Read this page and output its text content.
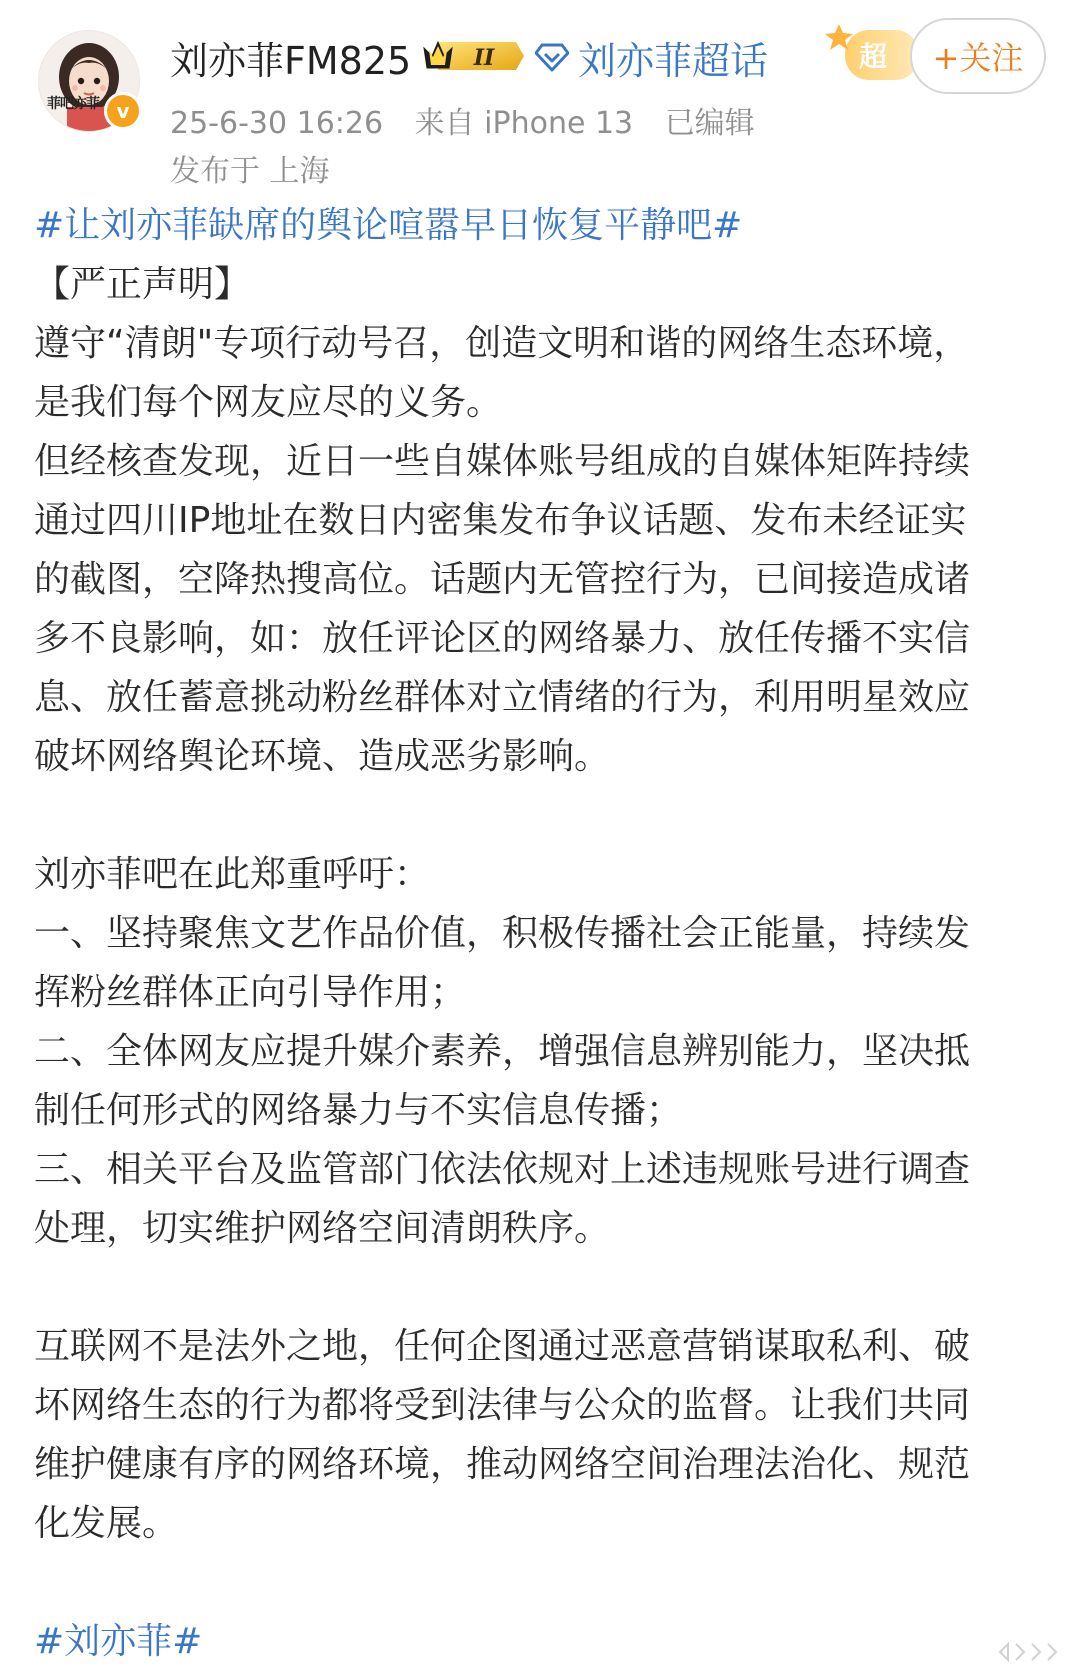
菲吧亦菲 v
刘亦菲FM825	II 刘亦菲超话	超	+关注
25-6-30 16:26 来自 iPhone 13 已编辑
发布于 上海
#让刘亦菲缺席的舆论喧嚣早日恢复平静吧#
【严正声明】
遵守“清朗"专项行动号召，创造文明和谐的网络生态环境，
是我们每个网友应尽的义务。
但经核查发现，近日一些自媒体账号组成的自媒体矩阵持续
通过四川IP地址在数日内密集发布争议话题、发布未经证实
的截图，空降热搜高位。话题内无管控行为，已间接造成诸
多不良影响，如：放任评论区的网络暴力、放任传播不实信
息、放任蓄意挑动粉丝群体对立情绪的行为，利用明星效应
破坏网络舆论环境、造成恶劣影响。
刘亦菲吧在此郑重呼吁：
一、坚持聚焦文艺作品价值，积极传播社会正能量，持续发
挥粉丝群体正向引导作用；
二、全体网友应提升媒介素养，增强信息辨别能力，坚决抵
制任何形式的网络暴力与不实信息传播；
三、相关平台及监管部门依法依规对上述违规账号进行调查
处理，切实维护网络空间清朗秩序。
互联网不是法外之地，任何企图通过恶意营销谋取私利、破
坏网络生态的行为都将受到法律与公众的监督。让我们共同
维护健康有序的网络环境，推动网络空间治理法治化、规范
化发展。
#刘亦菲#
